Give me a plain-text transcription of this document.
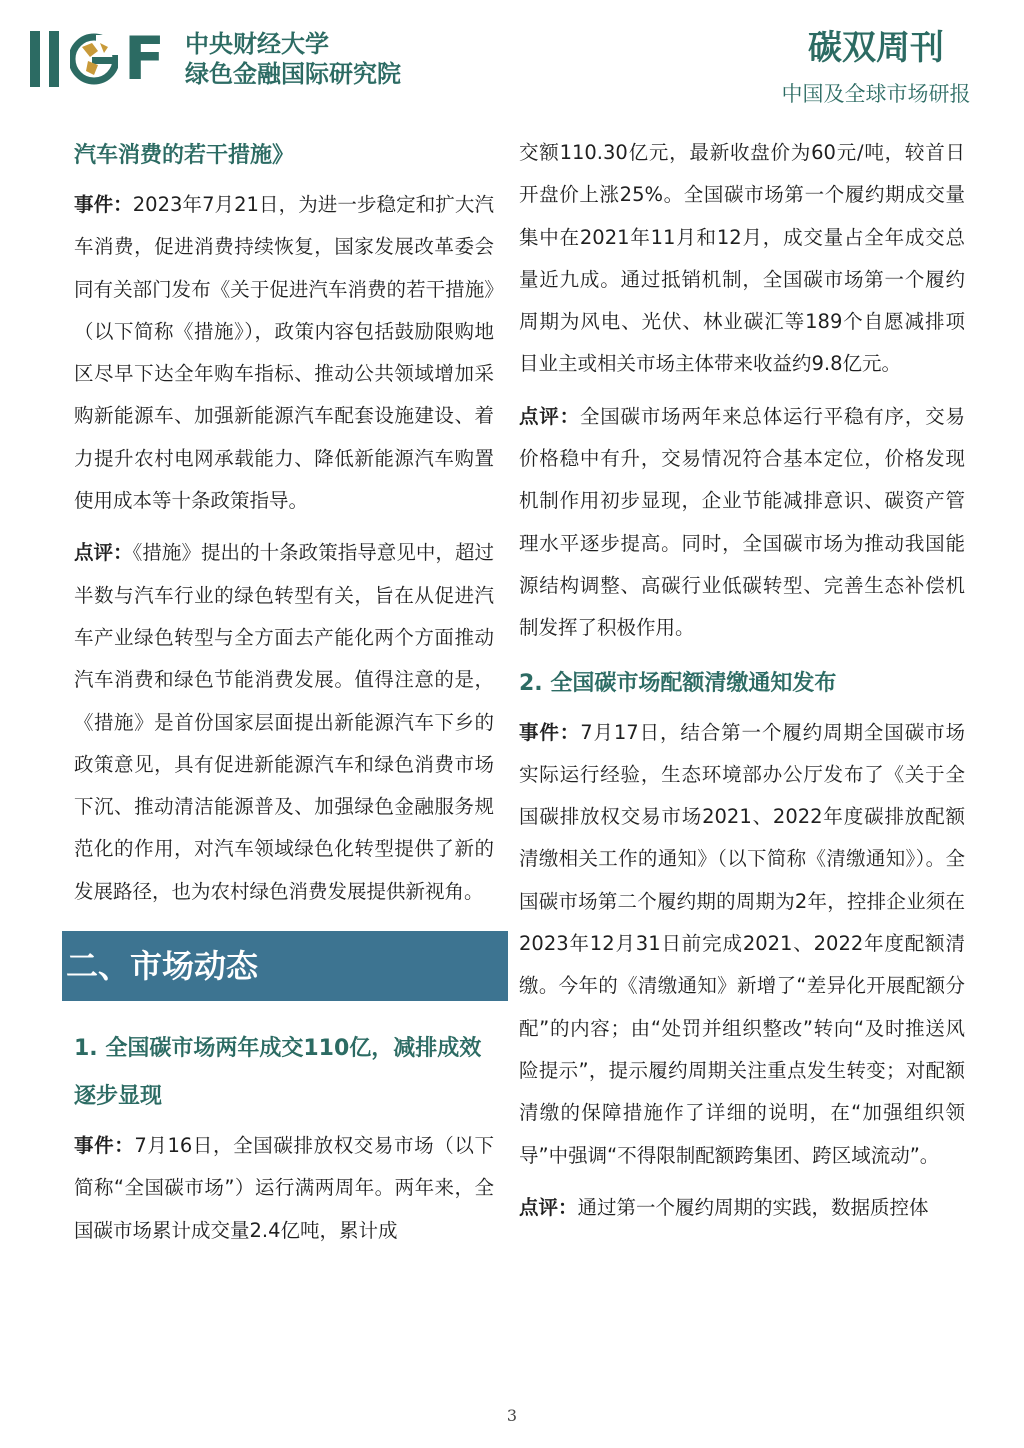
F 中央财经大学
绿色金融国际研究院
碳双周刊
中国及全球市场研报
汽车消费的若干措施》

事件：2023年7月21日，为进一步稳定和扩大汽车消费，促进消费持续恢复，国家发展改革委会同有关部门发布《关于促进汽车消费的若干措施》（以下简称《措施》），政策内容包括鼓励限购地区尽早下达全年购车指标、推动公共领域增加采购新能源车、加强新能源汽车配套设施建设、着力提升农村电网承载能力、降低新能源汽车购置使用成本等十条政策指导。

点评：《措施》提出的十条政策指导意见中，超过半数与汽车行业的绿色转型有关，旨在从促进汽车产业绿色转型与全方面去产能化两个方面推动汽车消费和绿色节能消费发展。值得注意的是，《措施》是首份国家层面提出新能源汽车下乡的政策意见，具有促进新能源汽车和绿色消费市场下沉、推动清洁能源普及、加强绿色金融服务规范化的作用，对汽车领域绿色化转型提供了新的发展路径，也为农村绿色消费发展提供新视角。

二、市场动态
1. 全国碳市场两年成交110亿，减排成效逐步显现

事件：7月16日，全国碳排放权交易市场（以下简称“全国碳市场”）运行满两周年。两年来，全国碳市场累计成交量2.4亿吨，累计成

交额110.30亿元，最新收盘价为60元/吨，较首日开盘价上涨25%。全国碳市场第一个履约期成交量集中在2021年11月和12月，成交量占全年成交总量近九成。通过抵销机制，全国碳市场第一个履约周期为风电、光伏、林业碳汇等189个自愿减排项目业主或相关市场主体带来收益约9.8亿元。

点评：全国碳市场两年来总体运行平稳有序，交易价格稳中有升，交易情况符合基本定位，价格发现机制作用初步显现，企业节能减排意识、碳资产管理水平逐步提高。同时，全国碳市场为推动我国能源结构调整、高碳行业低碳转型、完善生态补偿机制发挥了积极作用。

2. 全国碳市场配额清缴通知发布

事件：7月17日，结合第一个履约周期全国碳市场实际运行经验，生态环境部办公厅发布了《关于全国碳排放权交易市场2021、2022年度碳排放配额清缴相关工作的通知》（以下简称《清缴通知》）。全国碳市场第二个履约期的周期为2年，控排企业须在2023年12月31日前完成2021、2022年度配额清缴。今年的《清缴通知》新增了“差异化开展配额分配”的内容；由“处罚并组织整改”转向“及时推送风险提示”，提示履约周期关注重点发生转变；对配额清缴的保障措施作了详细的说明，在“加强组织领导”中强调“不得限制配额跨集团、跨区域流动”。

点评：通过第一个履约周期的实践，数据质控体

3
